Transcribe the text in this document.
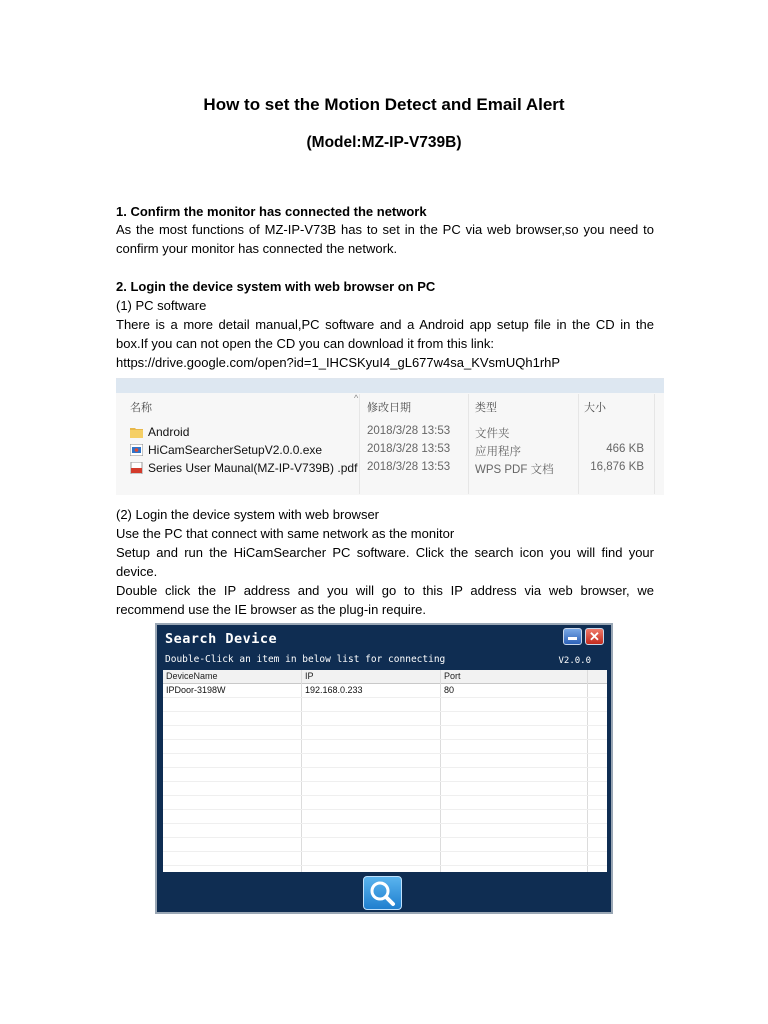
How to set the Motion Detect and Email Alert
(Model:MZ-IP-V739B)
1. Confirm the monitor has connected the network
As the most functions of MZ-IP-V73B has to set in the PC via web browser,so you need to confirm your monitor has connected the network.
2. Login the device system with web browser on PC
(1) PC software
There is a more detail manual,PC software and a Android app setup file in the CD in the box.If you can not open the CD you can download it from this link:
https://drive.google.com/open?id=1_IHCSKyuI4_gL677w4sa_KVsmUQh1rhP
^
名称	修改日期	类型	大小
Android	2018/3/28 13:53 文件夹
HiCamSearcherSetupV2.0.0.exe	2018/3/28 13:53 应用程序	466 KB
Series User Maunal(MZ-IP-V739B) .pdf 2018/3/28 13:53 WPS PDF 文档	16,876 KB
(2) Login the device system with web browser
Use the PC that connect with same network as the monitor
Setup and run the HiCamSearcher PC software. Click the search icon you will find your device.
Double click the IP address and you will go to this IP address via web browser, we recommend use the IE browser as the plug-in require.
Search Device	✕
Double-Click an item in below list for connecting	V2.0.0
DeviceName	IP	Port
IPDoor-3198W	192.168.0.233	80
